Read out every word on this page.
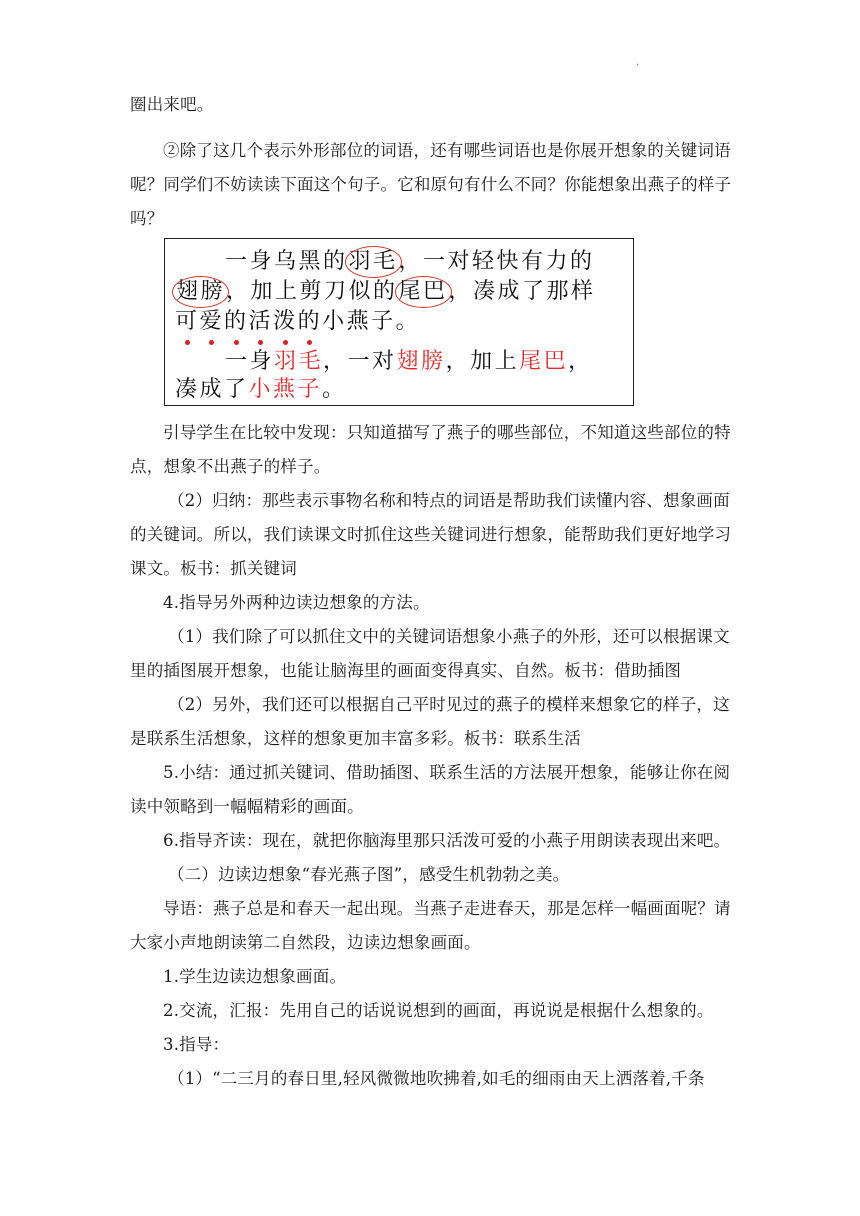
·

圈出来吧。

②除了这几个表示外形部位的词语，还有哪些词语也是你展开想象的关键词语呢？同学们不妨读读下面这个句子。它和原句有什么不同？你能想象出燕子的样子吗？

一身乌黑的羽毛，一对轻快有力的
翅膀，加上剪刀似的尾巴，凑成了那样
可爱的活泼的小燕子。
一身羽毛，一对翅膀，加上尾巴，
凑成了小燕子。

引导学生在比较中发现：只知道描写了燕子的哪些部位，不知道这些部位的特点，想象不出燕子的样子。

（2）归纳：那些表示事物名称和特点的词语是帮助我们读懂内容、想象画面的关键词。所以，我们读课文时抓住这些关键词进行想象，能帮助我们更好地学习课文。板书：抓关键词

4.指导另外两种边读边想象的方法。

（1）我们除了可以抓住文中的关键词语想象小燕子的外形，还可以根据课文里的插图展开想象，也能让脑海里的画面变得真实、自然。板书：借助插图

（2）另外，我们还可以根据自己平时见过的燕子的模样来想象它的样子，这是联系生活想象，这样的想象更加丰富多彩。板书：联系生活

5.小结：通过抓关键词、借助插图、联系生活的方法展开想象，能够让你在阅读中领略到一幅幅精彩的画面。

6.指导齐读：现在，就把你脑海里那只活泼可爱的小燕子用朗读表现出来吧。

（二）边读边想象“春光燕子图”，感受生机勃勃之美。

导语：燕子总是和春天一起出现。当燕子走进春天，那是怎样一幅画面呢？请大家小声地朗读第二自然段，边读边想象画面。

1.学生边读边想象画面。

2.交流，汇报：先用自己的话说说想到的画面，再说说是根据什么想象的。

3.指导：

（1）“二三月的春日里,轻风微微地吹拂着,如毛的细雨由天上洒落着,千条
